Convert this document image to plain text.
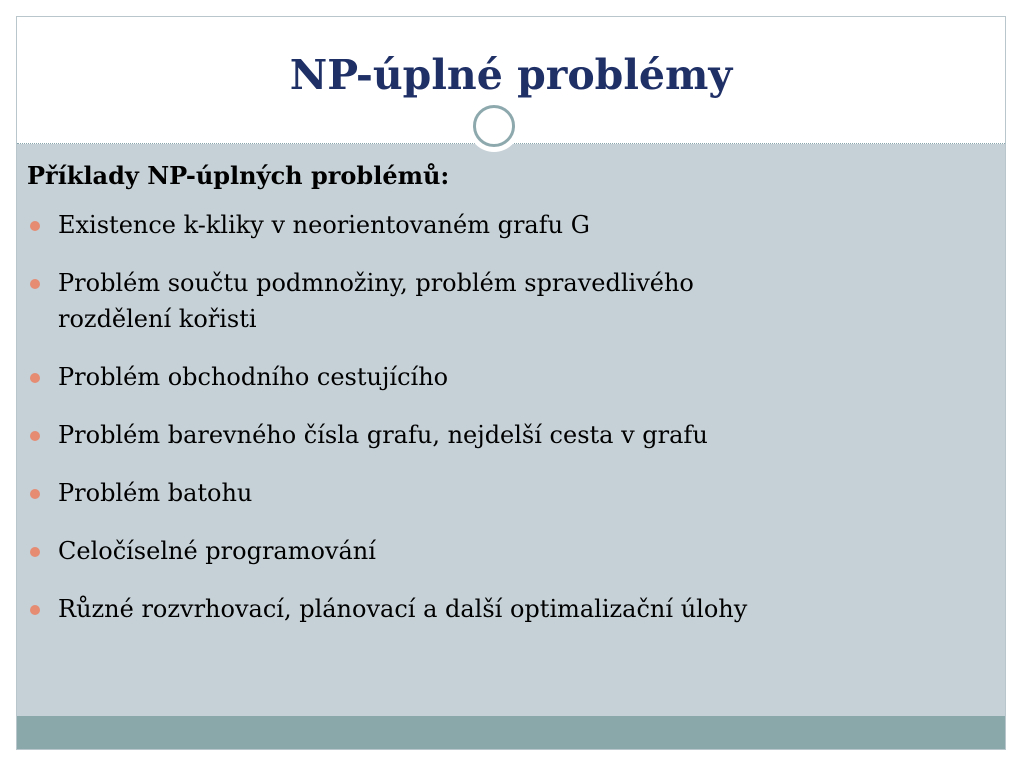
NP-úplné problémy
Příklady NP-úplných problémů:
Existence k-kliky v neorientovaném grafu G
Problém součtu podmnožiny, problém spravedlivého
rozdělení kořisti
Problém obchodního cestujícího
Problém barevného čísla grafu, nejdelší cesta v grafu
Problém batohu
Celočíselné programování
Různé rozvrhovací, plánovací a další optimalizační úlohy
